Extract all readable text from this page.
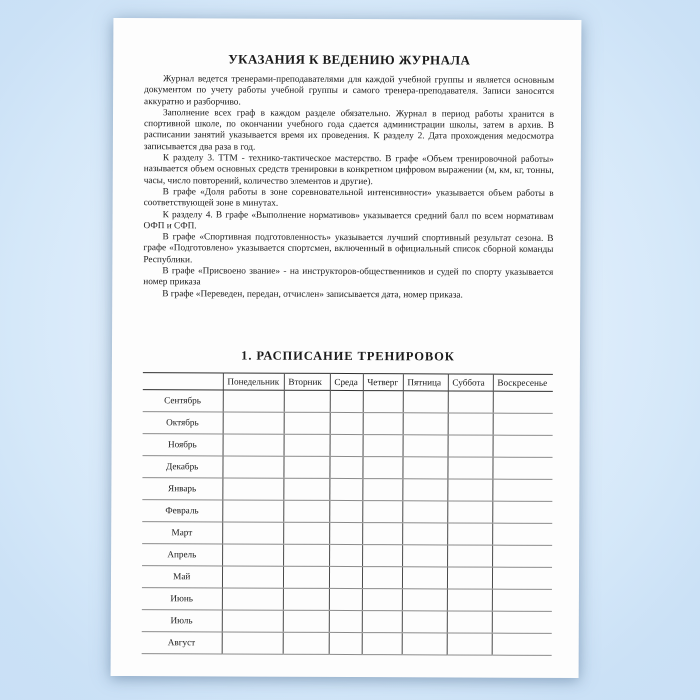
УКАЗАНИЯ К ВЕДЕНИЮ ЖУРНАЛА

Журнал ведется тренерами-преподавателями для каждой учебной группы и является основным документом по учету работы учебной группы и самого тренера-преподавателя. Записи заносятся аккуратно и разборчиво.

Заполнение всех граф в каждом разделе обязательно. Журнал в период работы хранится в спортивной школе, по окончании учебного года сдается администрации школы, затем в архив. В расписании занятий указывается время их проведения. К разделу 2. Дата прохождения медосмотра записывается два раза в год.

К разделу 3. ТТМ - технико-тактическое мастерство. В графе «Объем тренировочной работы» называется объем основных средств тренировки в конкретном цифровом выражении (м, км, кг, тонны, часы, число повторений, количество элементов и другие).

В графе «Доля работы в зоне соревновательной интенсивности» указывается объем работы в соответствующей зоне в минутах.

К разделу 4. В графе «Выполнение нормативов» указывается средний балл по всем нормативам ОФП и СФП.

В графе «Спортивная подготовленность» указывается лучший спортивный результат сезона. В графе «Подготовлено» указывается спортсмен, включенный в официальный список сборной команды Республики.

В графе «Присвоено звание» - на инструкторов-общественников и судей по спорту указывается номер приказа

В графе «Переведен, передан, отчислен» записывается дата, номер приказа.

1. РАСПИСАНИЕ ТРЕНИРОВОК
	Понедельник	Вторник	Среда	Четверг	Пятница	Суббота	Воскресенье
Сентябрь							
Октябрь							
Ноябрь							
Декабрь							
Январь							
Февраль							
Март							
Апрель							
Май							
Июнь							
Июль							
Август							
